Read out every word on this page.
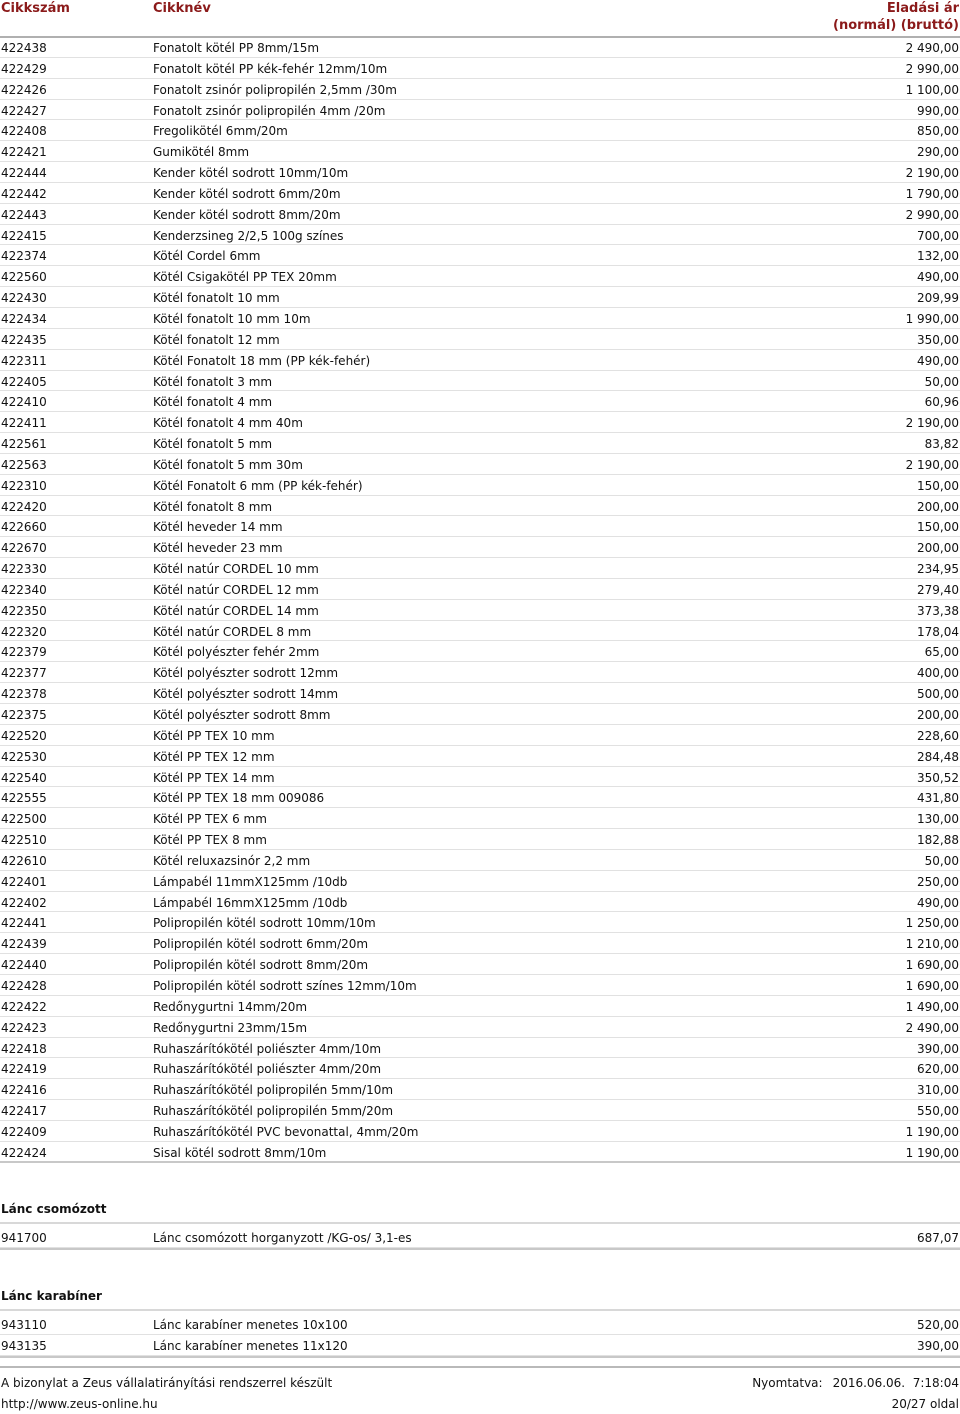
Cikkszám	Cikknév	Eladási ár
(normál) (bruttó)
422438	Fonatolt kötél PP 8mm/15m	2 490,00
422429	Fonatolt kötél PP kék-fehér 12mm/10m	2 990,00
422426	Fonatolt zsinór polipropilén 2,5mm /30m	1 100,00
422427	Fonatolt zsinór polipropilén 4mm /20m	990,00
422408	Fregolikötél 6mm/20m	850,00
422421	Gumikötél 8mm	290,00
422444	Kender kötél sodrott 10mm/10m	2 190,00
422442	Kender kötél sodrott 6mm/20m	1 790,00
422443	Kender kötél sodrott 8mm/20m	2 990,00
422415	Kenderzsineg 2/2,5 100g színes	700,00
422374	Kötél Cordel 6mm	132,00
422560	Kötél Csigakötél PP TEX 20mm	490,00
422430	Kötél fonatolt 10 mm	209,99
422434	Kötél fonatolt 10 mm 10m	1 990,00
422435	Kötél fonatolt 12 mm	350,00
422311	Kötél Fonatolt 18 mm (PP kék-fehér)	490,00
422405	Kötél fonatolt 3 mm	50,00
422410	Kötél fonatolt 4 mm	60,96
422411	Kötél fonatolt 4 mm 40m	2 190,00
422561	Kötél fonatolt 5 mm	83,82
422563	Kötél fonatolt 5 mm 30m	2 190,00
422310	Kötél Fonatolt 6 mm (PP kék-fehér)	150,00
422420	Kötél fonatolt 8 mm	200,00
422660	Kötél heveder 14 mm	150,00
422670	Kötél heveder 23 mm	200,00
422330	Kötél natúr CORDEL 10 mm	234,95
422340	Kötél natúr CORDEL 12 mm	279,40
422350	Kötél natúr CORDEL 14 mm	373,38
422320	Kötél natúr CORDEL 8 mm	178,04
422379	Kötél polyészter fehér 2mm	65,00
422377	Kötél polyészter sodrott 12mm	400,00
422378	Kötél polyészter sodrott 14mm	500,00
422375	Kötél polyészter sodrott 8mm	200,00
422520	Kötél PP TEX 10 mm	228,60
422530	Kötél PP TEX 12 mm	284,48
422540	Kötél PP TEX 14 mm	350,52
422555	Kötél PP TEX 18 mm 009086	431,80
422500	Kötél PP TEX 6 mm	130,00
422510	Kötél PP TEX 8 mm	182,88
422610	Kötél reluxazsinór 2,2 mm	50,00
422401	Lámpabél 11mmX125mm /10db	250,00
422402	Lámpabél 16mmX125mm /10db	490,00
422441	Polipropilén kötél sodrott 10mm/10m	1 250,00
422439	Polipropilén kötél sodrott 6mm/20m	1 210,00
422440	Polipropilén kötél sodrott 8mm/20m	1 690,00
422428	Polipropilén kötél sodrott színes 12mm/10m	1 690,00
422422	Redőnygurtni 14mm/20m	1 490,00
422423	Redőnygurtni 23mm/15m	2 490,00
422418	Ruhaszárítókötél poliészter 4mm/10m	390,00
422419	Ruhaszárítókötél poliészter 4mm/20m	620,00
422416	Ruhaszárítókötél polipropilén 5mm/10m	310,00
422417	Ruhaszárítókötél polipropilén 5mm/20m	550,00
422409	Ruhaszárítókötél PVC bevonattal, 4mm/20m	1 190,00
422424	Sisal kötél sodrott 8mm/10m	1 190,00
Lánc csomózott
941700	Lánc csomózott horganyzott /KG-os/ 3,1-es	687,07
Lánc karabíner
943110	Lánc karabíner menetes 10x100	520,00
943135	Lánc karabíner menetes 11x120	390,00
A bizonylat a Zeus vállalatirányítási rendszerrel készült
http://www.zeus-online.hu
Nyomtatva: 2016.06.06.  7:18:04
20/27 oldal
